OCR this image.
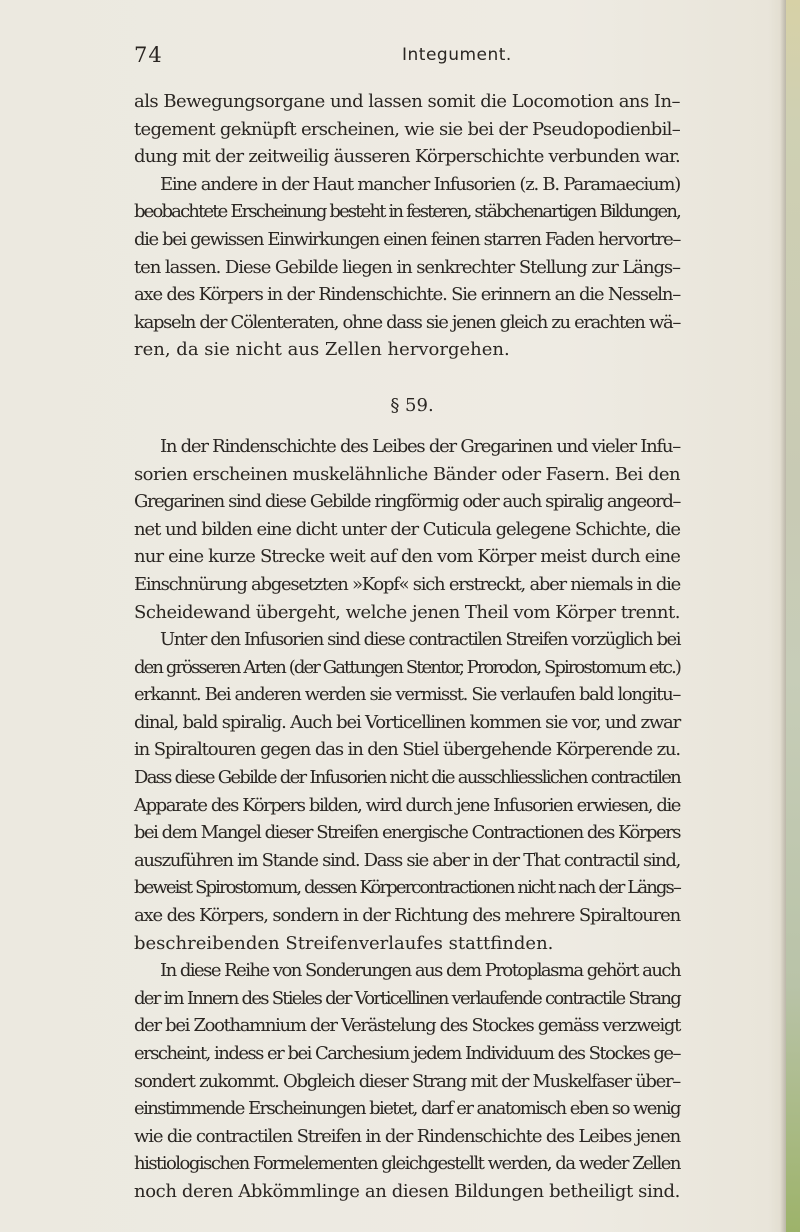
74	Integument.
als Bewegungsorgane und lassen somit die Locomotion ans In–
tegement geknüpft erscheinen, wie sie bei der Pseudopodienbil–
dung mit der zeitweilig äusseren Körperschichte verbunden war.
Eine andere in der Haut mancher Infusorien (z. B. Paramaecium)
beobachtete Erscheinung besteht in festeren, stäbchenartigen Bildungen,
die bei gewissen Einwirkungen einen feinen starren Faden hervortre–
ten lassen. Diese Gebilde liegen in senkrechter Stellung zur Längs–
axe des Körpers in der Rindenschichte. Sie erinnern an die Nesseln–
kapseln der Cölenteraten, ohne dass sie jenen gleich zu erachten wä–
ren, da sie nicht aus Zellen hervorgehen.
§ 59.
In der Rindenschichte des Leibes der Gregarinen und vieler Infu–
sorien erscheinen muskelähnliche Bänder oder Fasern. Bei den
Gregarinen sind diese Gebilde ringförmig oder auch spiralig angeord–
net und bilden eine dicht unter der Cuticula gelegene Schichte, die
nur eine kurze Strecke weit auf den vom Körper meist durch eine
Einschnürung abgesetzten »Kopf« sich erstreckt, aber niemals in die
Scheidewand übergeht, welche jenen Theil vom Körper trennt.
Unter den Infusorien sind diese contractilen Streifen vorzüglich bei
den grösseren Arten (der Gattungen Stentor, Prorodon, Spirostomum etc.)
erkannt. Bei anderen werden sie vermisst. Sie verlaufen bald longitu–
dinal, bald spiralig. Auch bei Vorticellinen kommen sie vor, und zwar
in Spiraltouren gegen das in den Stiel übergehende Körperende zu.
Dass diese Gebilde der Infusorien nicht die ausschliesslichen contractilen
Apparate des Körpers bilden, wird durch jene Infusorien erwiesen, die
bei dem Mangel dieser Streifen energische Contractionen des Körpers
auszuführen im Stande sind. Dass sie aber in der That contractil sind,
beweist Spirostomum, dessen Körpercontractionen nicht nach der Längs–
axe des Körpers, sondern in der Richtung des mehrere Spiraltouren
beschreibenden Streifenverlaufes stattfinden.
In diese Reihe von Sonderungen aus dem Protoplasma gehört auch
der im Innern des Stieles der Vorticellinen verlaufende contractile Strang
der bei Zoothamnium der Verästelung des Stockes gemäss verzweigt
erscheint, indess er bei Carchesium jedem Individuum des Stockes ge–
sondert zukommt. Obgleich dieser Strang mit der Muskelfaser über–
einstimmende Erscheinungen bietet, darf er anatomisch eben so wenig
wie die contractilen Streifen in der Rindenschichte des Leibes jenen
histiologischen Formelementen gleichgestellt werden, da weder Zellen
noch deren Abkömmlinge an diesen Bildungen betheiligt sind.
